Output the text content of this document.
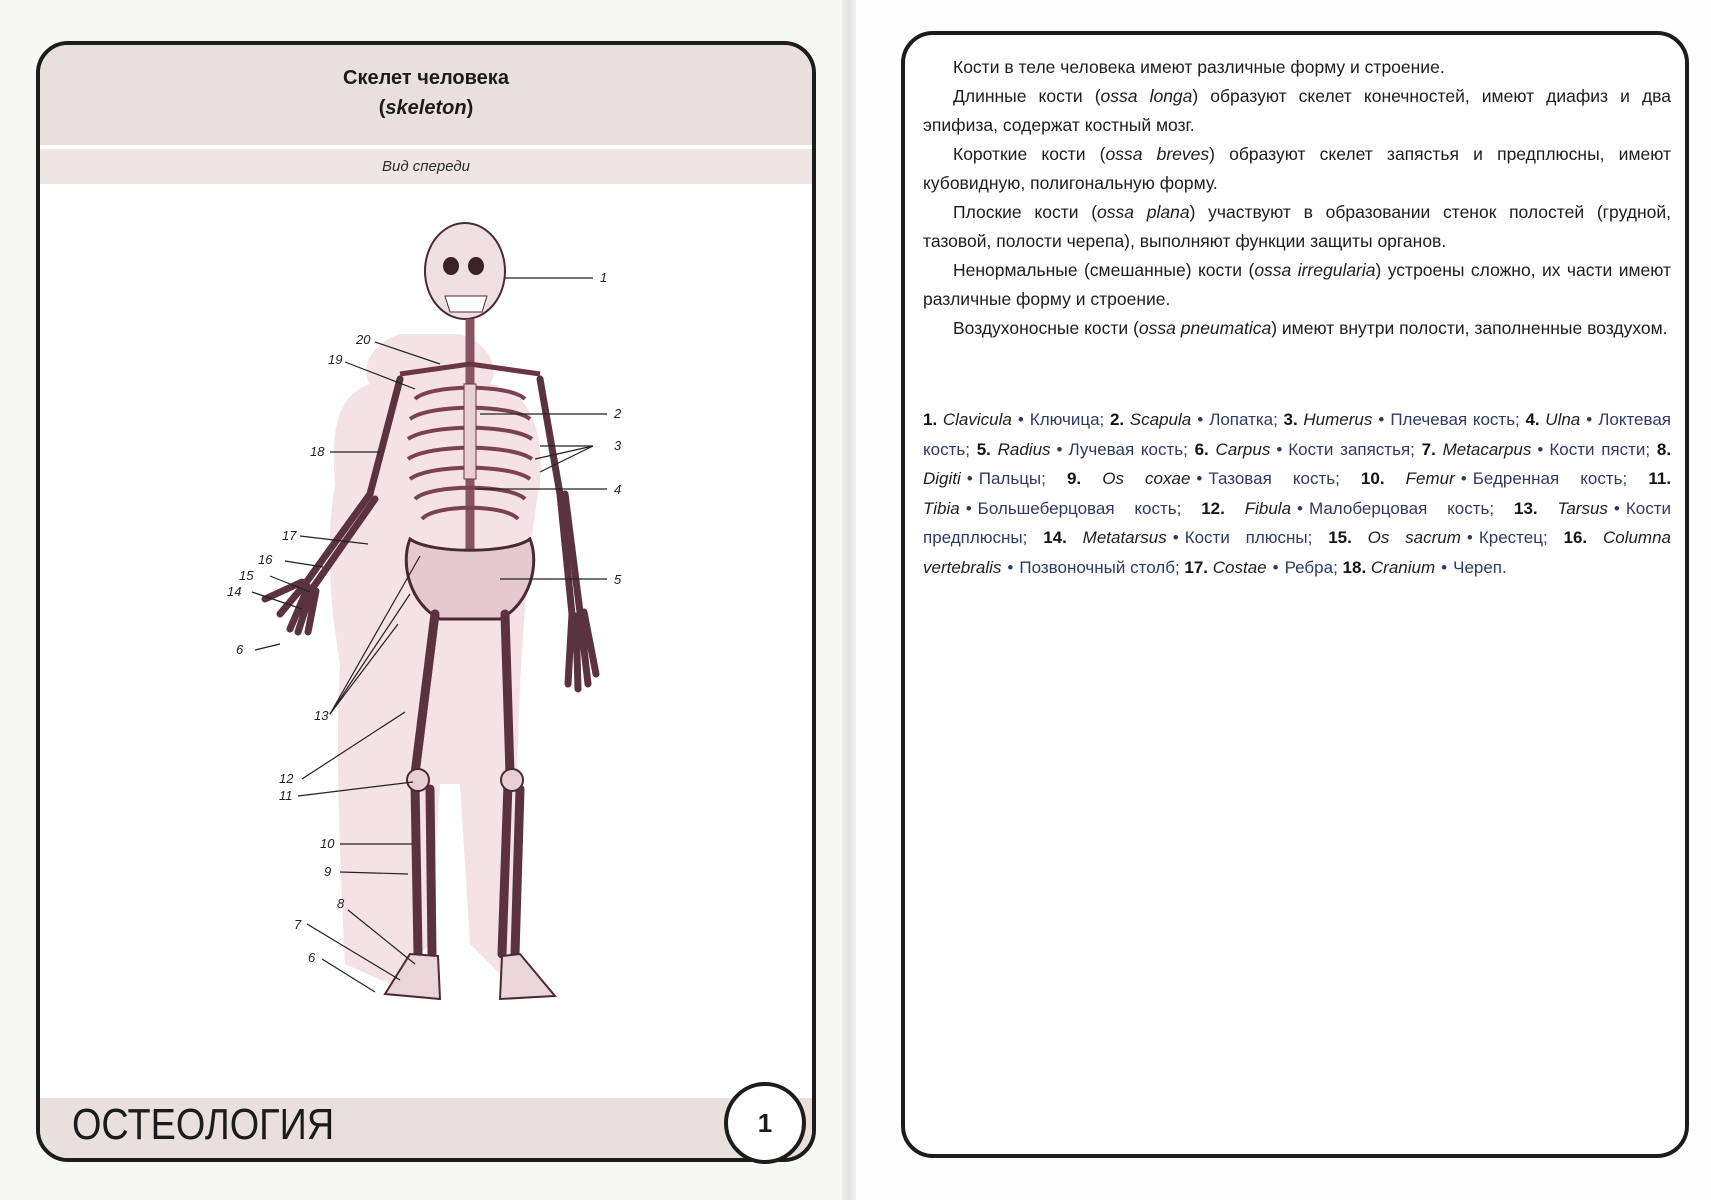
Скелет человека
(skeleton)
Вид спереди
1
2
3
4
5
20
19
18
17
16
15
14
6
13
12
11
10
9
8
7
6
ОСТЕОЛОГИЯ	1

Кости в теле человека имеют различные форму и строение.

Длинные кости (ossa longa) образуют скелет конечностей, имеют диафиз и два эпифиза, содержат костный мозг.

Короткие кости (ossa breves) образуют скелет запястья и предплюсны, имеют кубовидную, полигональную форму.

Плоские кости (ossa plana) участвуют в образовании стенок полостей (грудной, тазовой, полости черепа), выполняют функции защиты органов.

Ненормальные (смешанные) кости (ossa irregularia) устроены сложно, их части имеют различные форму и строение.

Воздухоносные кости (ossa pneumatica) имеют внутри полости, заполненные воздухом.

1. Clavicula • Ключица; 2. Scapula • Лопатка; 3. Humerus • Плечевая кость; 4. Ulna • Локтевая кость; 5. Radius • Лучевая кость; 6. Carpus • Кости запястья; 7. Metacarpus • Кости пясти; 8. Digiti • Пальцы; 9. Os coxae • Тазовая кость; 10. Femur • Бедренная кость; 11. Tibia • Большеберцовая кость; 12. Fibula • Малоберцовая кость; 13. Tarsus • Кости предплюсны; 14. Metatarsus • Кости плюсны; 15. Os sacrum • Крестец; 16. Columna vertebralis • Позвоночный столб; 17. Costae • Ребра; 18. Cranium • Череп.
